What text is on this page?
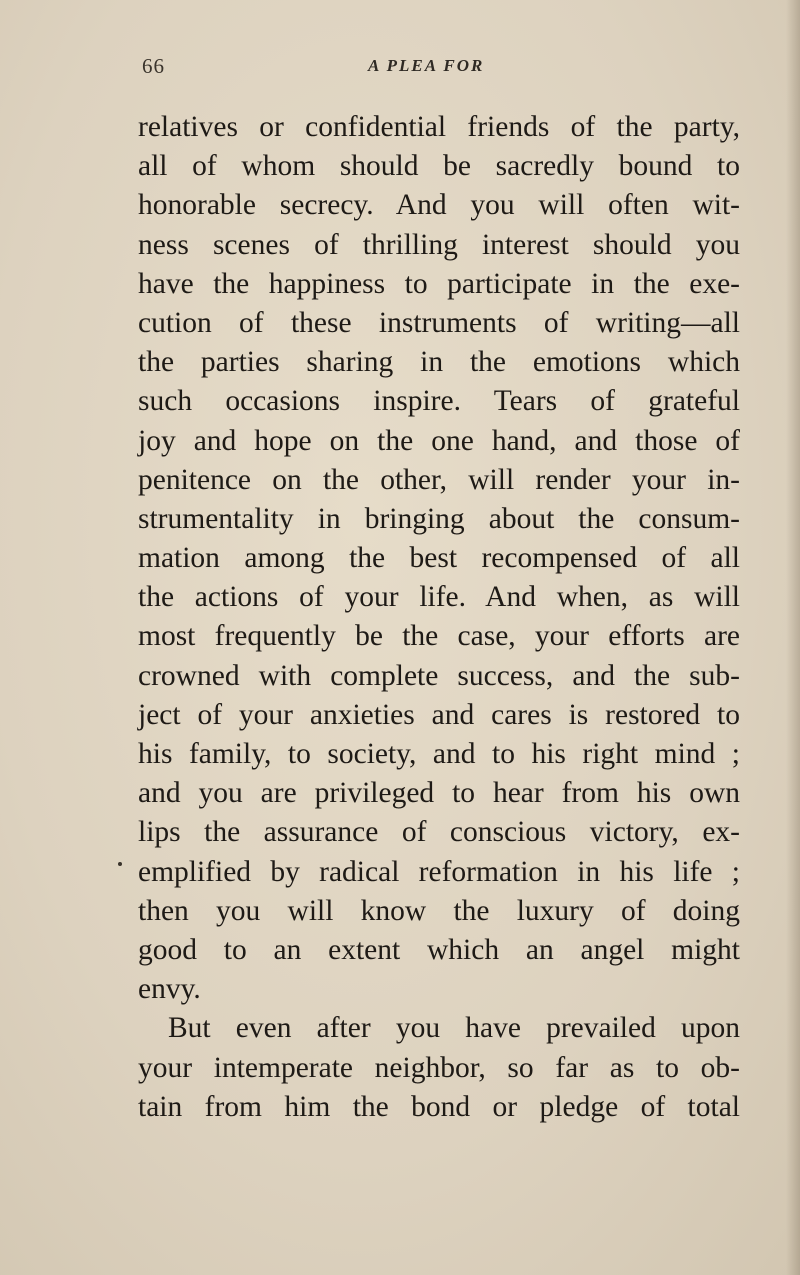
66	A PLEA FOR
relatives or confidential friends of the party,
all of whom should be sacredly bound to
honorable secrecy. And you will often wit-
ness scenes of thrilling interest should you
have the happiness to participate in the exe-
cution of these instruments of writing—all
the parties sharing in the emotions which
such occasions inspire. Tears of grateful
joy and hope on the one hand, and those of
penitence on the other, will render your in-
strumentality in bringing about the consum-
mation among the best recompensed of all
the actions of your life. And when, as will
most frequently be the case, your efforts are
crowned with complete success, and the sub-
ject of your anxieties and cares is restored to
his family, to society, and to his right mind ;
and you are privileged to hear from his own
lips the assurance of conscious victory, ex-
emplified by radical reformation in his life ;
then you will know the luxury of doing
good to an extent which an angel might
envy.
But even after you have prevailed upon
your intemperate neighbor, so far as to ob-
tain from him the bond or pledge of total
